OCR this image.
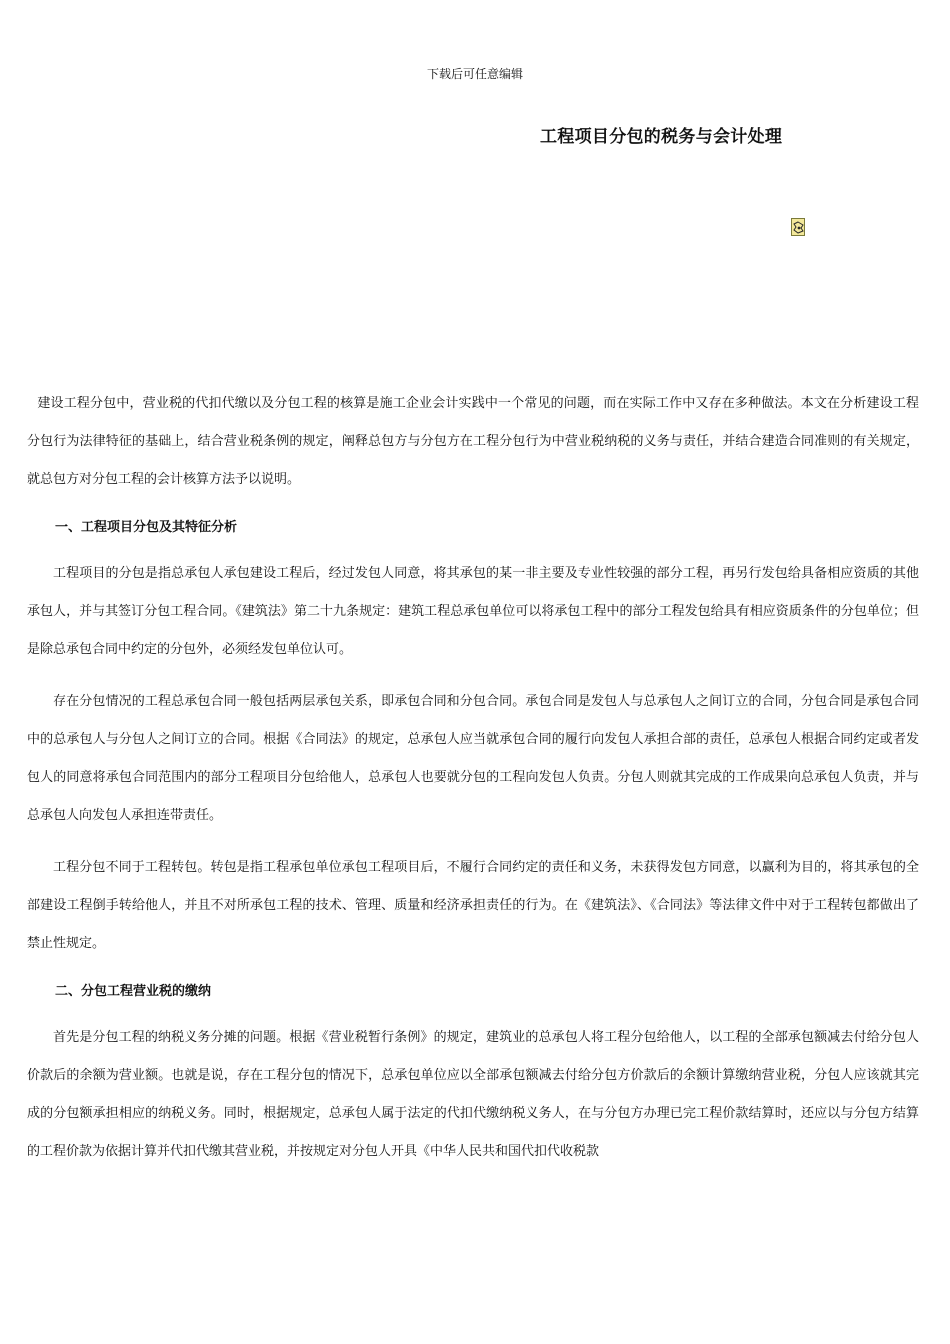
下载后可任意编辑
工程项目分包的税务与会计处理

建设工程分包中，营业税的代扣代缴以及分包工程的核算是施工企业会计实践中一个常见的问题，而在实际工作中又存在多种做法。本文在分析建设工程分包行为法律特征的基础上，结合营业税条例的规定，阐释总包方与分包方在工程分包行为中营业税纳税的义务与责任，并结合建造合同准则的有关规定，就总包方对分包工程的会计核算方法予以说明。

一、工程项目分包及其特征分析

工程项目的分包是指总承包人承包建设工程后，经过发包人同意，将其承包的某一非主要及专业性较强的部分工程，再另行发包给具备相应资质的其他承包人，并与其签订分包工程合同。《建筑法》第二十九条规定：建筑工程总承包单位可以将承包工程中的部分工程发包给具有相应资质条件的分包单位；但是除总承包合同中约定的分包外，必须经发包单位认可。

存在分包情况的工程总承包合同一般包括两层承包关系，即承包合同和分包合同。承包合同是发包人与总承包人之间订立的合同，分包合同是承包合同中的总承包人与分包人之间订立的合同。根据《合同法》的规定，总承包人应当就承包合同的履行向发包人承担合部的责任，总承包人根据合同约定或者发包人的同意将承包合同范围内的部分工程项目分包给他人，总承包人也要就分包的工程向发包人负责。分包人则就其完成的工作成果向总承包人负责，并与总承包人向发包人承担连带责任。

工程分包不同于工程转包。转包是指工程承包单位承包工程项目后，不履行合同约定的责任和义务，未获得发包方同意，以赢利为目的，将其承包的全部建设工程倒手转给他人，并且不对所承包工程的技术、管理、质量和经济承担责任的行为。在《建筑法》、《合同法》等法律文件中对于工程转包都做出了禁止性规定。

二、分包工程营业税的缴纳

首先是分包工程的纳税义务分摊的问题。根据《营业税暂行条例》的规定，建筑业的总承包人将工程分包给他人，以工程的全部承包额减去付给分包人价款后的余额为营业额。也就是说，存在工程分包的情况下，总承包单位应以全部承包额减去付给分包方价款后的余额计算缴纳营业税，分包人应该就其完成的分包额承担相应的纳税义务。同时，根据规定，总承包人属于法定的代扣代缴纳税义务人，在与分包方办理已完工程价款结算时，还应以与分包方结算的工程价款为依据计算并代扣代缴其营业税，并按规定对分包人开具《中华人民共和国代扣代收税款
